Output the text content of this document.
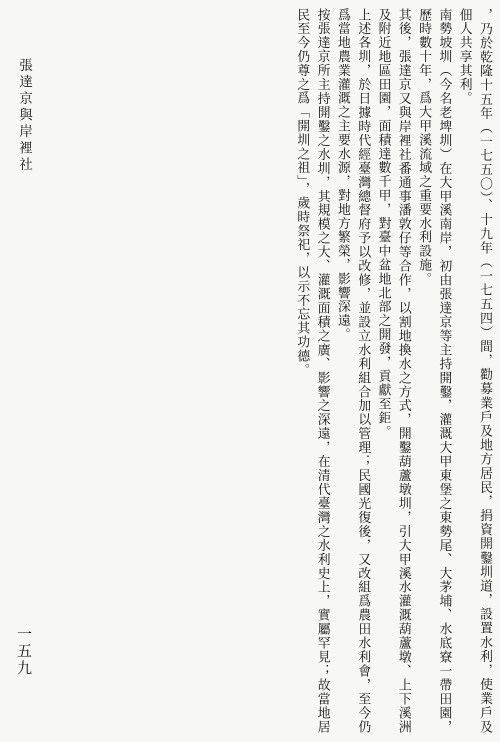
，乃於乾隆十五年（一七五〇）、十九年（一七五四）間，勸募業戶及地方居民，捐資開鑿圳道，設置水利，使業戶及佃人共享其利。

南勢坡圳（今名老埤圳）在大甲溪南岸，初由張達京等主持開鑿，灌溉大甲東堡之東勢尾、大茅埔、水底寮一帶田園，歷時數十年，爲大甲溪流域之重要水利設施。

其後，張達京又與岸裡社番通事潘敦仔等合作，以割地換水之方式，開鑿葫蘆墩圳，引大甲溪水灌溉葫蘆墩、上下溪洲及附近地區田園，面積達數千甲，對臺中盆地北部之開發，貢獻至鉅。

上述各圳，於日據時代經臺灣總督府予以改修，並設立水利組合加以管理；民國光復後，又改組爲農田水利會，至今仍爲當地農業灌溉之主要水源，對地方繁榮，影響深遠。

按張達京所主持開鑿之水圳，其規模之大、灌溉面積之廣、影響之深遠，在清代臺灣之水利史上，實屬罕見；故當地居民至今仍尊之爲「開圳之祖」，歲時祭祀，以示不忘其功德。

張達京與岸裡社
一五九
